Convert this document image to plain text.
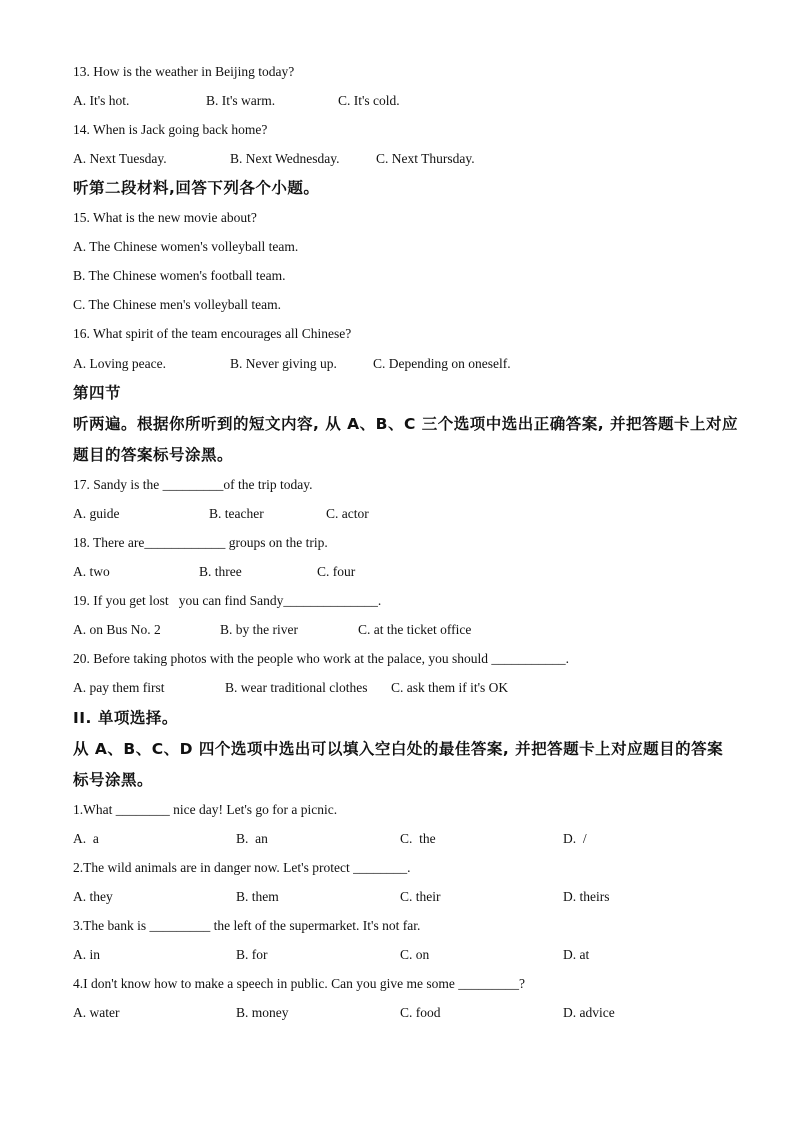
13. How is the weather in Beijing today?

A. It's hot.	B. It's warm.	C. It's cold.

14. When is Jack going back home?

A. Next Tuesday.	B. Next Wednesday.	C. Next Thursday.

听第二段材料,回答下列各个小题。

15. What is the new movie about?

A. The Chinese women's volleyball team.

B. The Chinese women's football team.

C. The Chinese men's volleyball team.

16. What spirit of the team encourages all Chinese?

A. Loving peace.	B. Never giving up.	C. Depending on oneself.

第四节

听两遍。根据你所听到的短文内容, 从 A、B、C 三个选项中选出正确答案, 并把答题卡上对应

题目的答案标号涂黑。

17. Sandy is the _________of the trip today.

A. guide	B. teacher	C. actor

18. There are____________ groups on the trip.

A. two	B. three	C. four

19. If you get lost   you can find Sandy______________.

A. on Bus No. 2	B. by the river	C. at the ticket office

20. Before taking photos with the people who work at the palace, you should ___________.

A. pay them first	B. wear traditional clothes C. ask them if it's OK

II. 单项选择。

从 A、B、C、D 四个选项中选出可以填入空白处的最佳答案, 并把答题卡上对应题目的答案

标号涂黑。

1.What ________ nice day! Let's go for a picnic.

A.  a	B.  an	C.  the	D.  /

2.The wild animals are in danger now. Let's protect ________.

A. they	B. them	C. their	D. theirs

3.The bank is _________ the left of the supermarket. It's not far.

A. in	B. for	C. on	D. at

4.I don't know how to make a speech in public. Can you give me some _________?

A. water	B. money	C. food	D. advice
